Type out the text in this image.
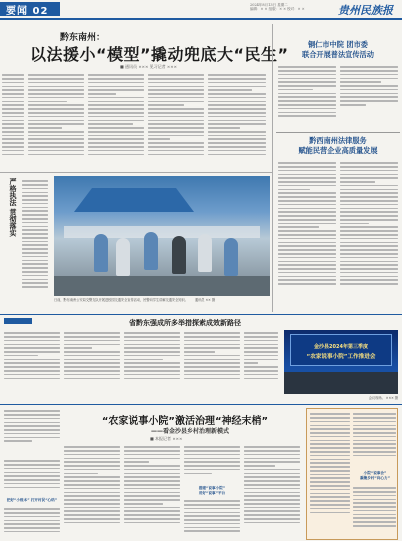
要闻 02
2024年8月13日 星期二
编辑：× × 组版：× × 校对：× ×	贵州民族报
黔东南州：
以法援小“模型”撬动兜底大“民生”
■ 通讯员 ××× 见习记者 ×××
铜仁市中院 团市委
联合开展普法宣传活动
黔西南州法律服务
赋能民营企业高质量发展
严格执法 贯彻落实
日前，黔东南州公安局交警支队开展进校园交通安全宣传活动，民警向学生讲解交通安全知识。 通讯员 ×× 摄
省黔东强成所多举措探索成效新路径
金沙县2024年第三季度
“农家说事小院”工作推进会
会议现场。 ××× 摄
“农家说事小院”激活治理“神经末梢”
——看金沙县乡村治理新模式
■ 本报记者 ×××
搭建“说事小院”
用好“说事”平台
把好“小账本” 打开村民“心结”
小院“说事会”
凝聚乡村“向心力”
